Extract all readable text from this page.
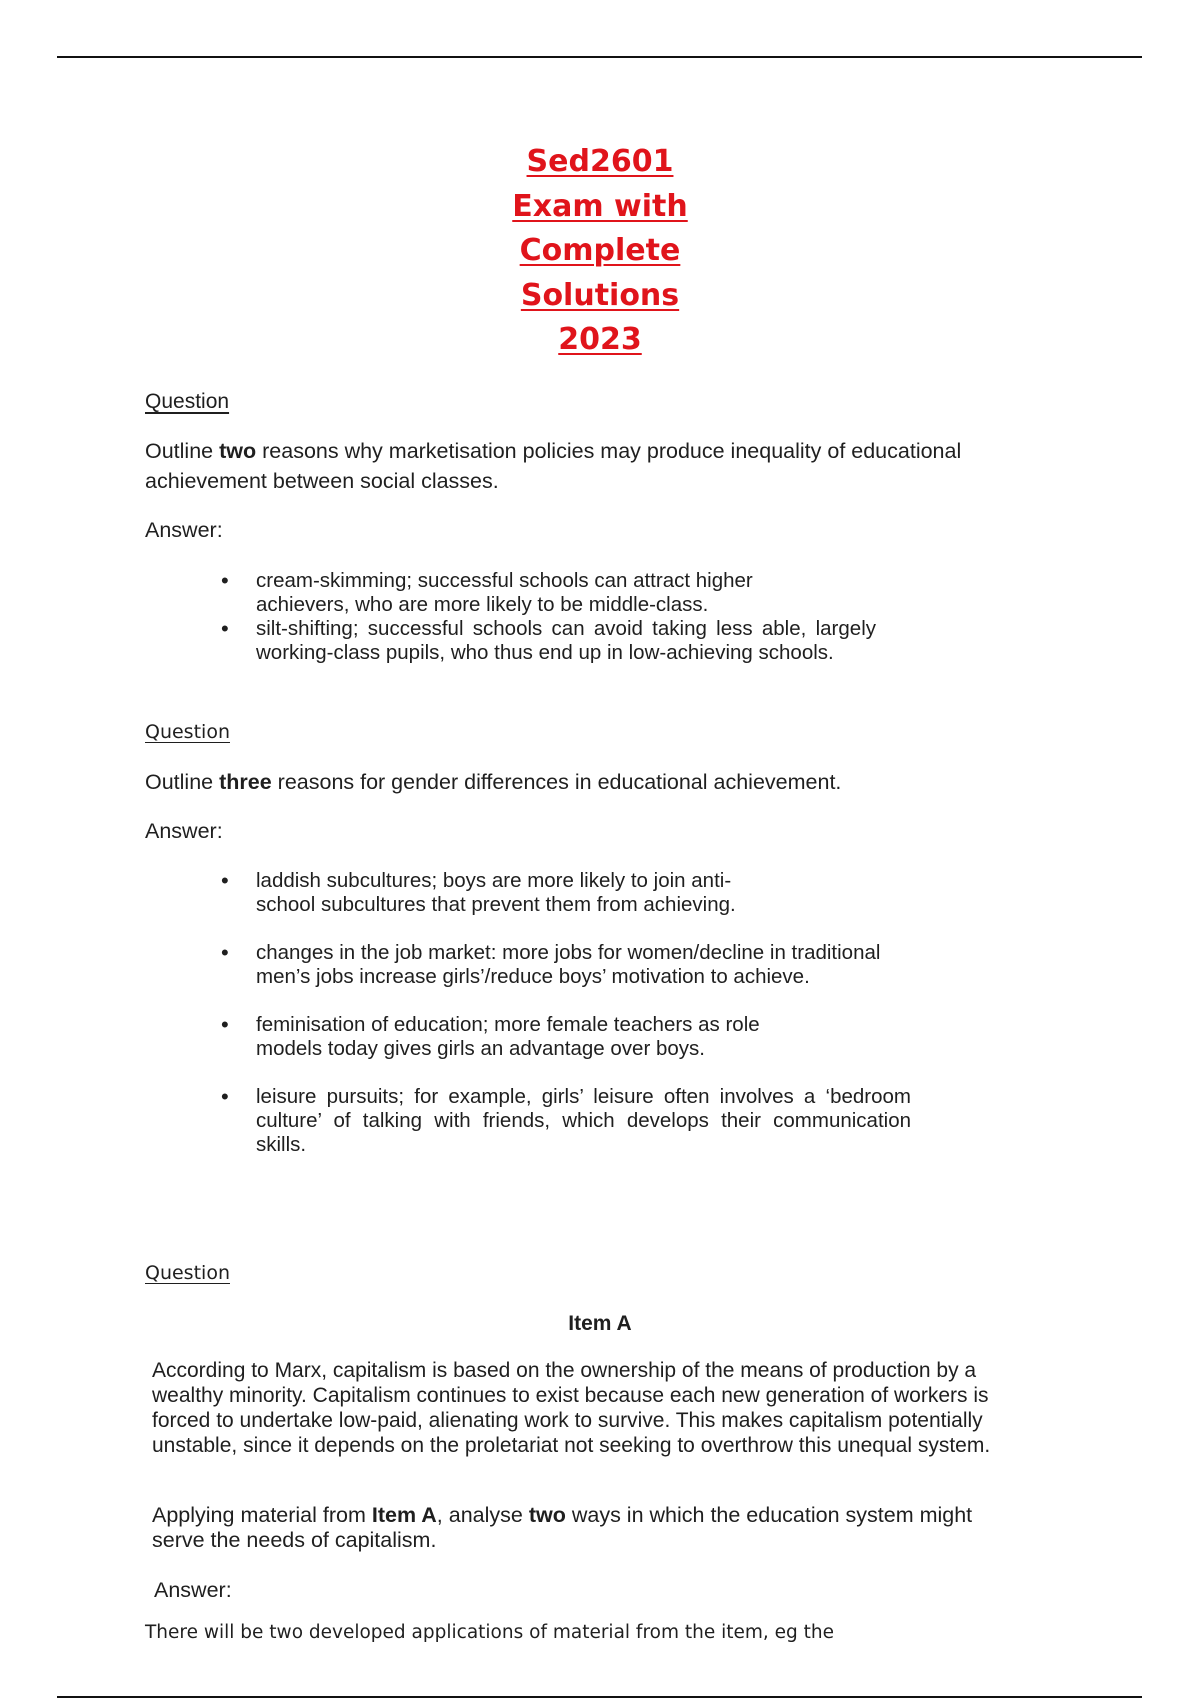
Sed2601
Exam with
Complete
Solutions
2023
Question
Outline two reasons why marketisation policies may produce inequality of educational achievement between social classes.
Answer:
• cream-skimming; successful schools can attract higher achievers, who are more likely to be middle-class.
• silt-shifting; successful schools can avoid taking less able, largely working-class pupils, who thus end up in low-achieving schools.
Question
Outline three reasons for gender differences in educational achievement.
Answer:
• laddish subcultures; boys are more likely to join anti-school subcultures that prevent them from achieving.
• changes in the job market: more jobs for women/decline in traditional men’s jobs increase girls’/reduce boys’ motivation to achieve.
• feminisation of education; more female teachers as role models today gives girls an advantage over boys.
• leisure pursuits; for example, girls’ leisure often involves a ‘bedroom culture’ of talking with friends, which develops their communication skills.
Question
Item A
According to Marx, capitalism is based on the ownership of the means of production by a wealthy minority. Capitalism continues to exist because each new generation of workers is forced to undertake low-paid, alienating work to survive. This makes capitalism potentially unstable, since it depends on the proletariat not seeking to overthrow this unequal system.
Applying material from Item A, analyse two ways in which the education system might serve the needs of capitalism.
Answer:
There will be two developed applications of material from the item, eg the
